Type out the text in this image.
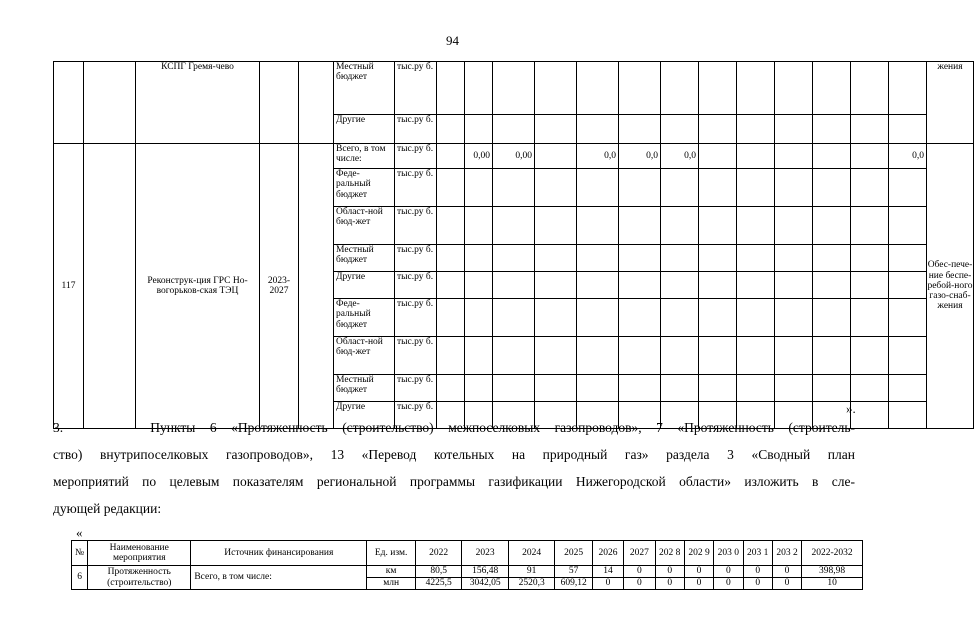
94
		КСПГ Гремя-чево			Местный бюджет	тыс.ру б.														жения
					Другие	тыс.ру б.														
117		Реконструк-ция ГРС Но-вогорьков-ская ТЭЦ	2023-2027		Всего, в том числе:	тыс.ру б.		0,00	0,00		0,0	0,0	0,0						0,0	Обес-пече-ние беспе-ребой-ного газо-снаб-жения
					Феде-ральный бюджет	тыс.ру б.														
					Област-ной бюд-жет	тыс.ру б.														
					Местный бюджет	тыс.ру б.														
					Другие	тыс.ру б.														
					Феде-ральный бюджет	тыс.ру б.														
					Област-ной бюд-жет	тыс.ру б.														
					Местный бюджет	тыс.ру б.														
					Другие	тыс.ру б.															».
3.      Пункты 6 «Протяженность (строительство) межпоселковых газопроводов», 7 «Протяженность (строитель-
ство) внутрипоселковых газопроводов», 13 «Перевод котельных на природный газ» раздела 3 «Сводный план
мероприятий по целевым показателям региональной программы газификации Нижегородской области» изложить в сле-
дующей редакции:
«
№	Наименование мероприятия	Источник финансирования	Ед. изм.	2022	2023	2024	2025	2026	2027	202 8	202 9	203 0	203 1	203 2	2022-2032
6	Протяженность (строительство)	Всего, в том числе:	км	80,5	156,48	91	57	14	0	0	0	0	0	0	398,98
			млн	4225,5	3042,05	2520,3	609,12	0	0	0	0	0	0	0	10
